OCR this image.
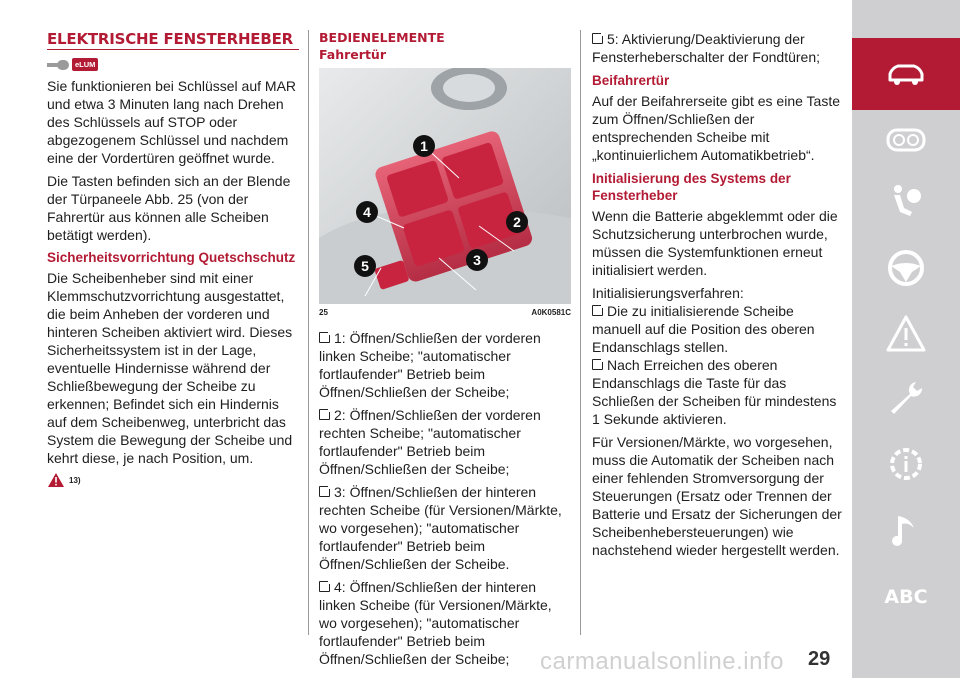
ELEKTRISCHE FENSTERHEBER
eLUM

Sie funktionieren bei Schlüssel auf MAR und etwa 3 Minuten lang nach Drehen des Schlüssels auf STOP oder abgezogenem Schlüssel und nachdem eine der Vordertüren geöffnet wurde.

Die Tasten befinden sich an der Blende der Türpaneele Abb. 25 (von der Fahrertür aus können alle Scheiben betätigt werden).

Sicherheitsvorrichtung Quetschschutz

Die Scheibenheber sind mit einer Klemmschutzvorrichtung ausgestattet, die beim Anheben der vorderen und hinteren Scheiben aktiviert wird. Dieses Sicherheitssystem ist in der Lage, eventuelle Hindernisse während der Schließbewegung der Scheibe zu erkennen; Befindet sich ein Hindernis auf dem Scheibenweg, unterbricht das System die Bewegung der Scheibe und kehrt diese, je nach Position, um.

13)
BEDIENELEMENTE
Fahrertür
1
2
3
4
5
25	A0K0581C

1: Öffnen/Schließen der vorderen linken Scheibe; "automatischer fortlaufender" Betrieb beim Öffnen/Schließen der Scheibe;

2: Öffnen/Schließen der vorderen rechten Scheibe; "automatischer fortlaufender" Betrieb beim Öffnen/Schließen der Scheibe;

3: Öffnen/Schließen der hinteren rechten Scheibe (für Versionen/Märkte, wo vorgesehen); "automatischer fortlaufender" Betrieb beim Öffnen/Schließen der Scheibe.

4: Öffnen/Schließen der hinteren linken Scheibe (für Versionen/Märkte, wo vorgesehen); "automatischer fortlaufender" Betrieb beim Öffnen/Schließen der Scheibe;

5: Aktivierung/Deaktivierung der Fensterheberschalter der Fondtüren;

Beifahrertür

Auf der Beifahrerseite gibt es eine Taste zum Öffnen/Schließen der entsprechenden Scheibe mit „kontinuierlichem Automatikbetrieb“.

Initialisierung des Systems der Fensterheber

Wenn die Batterie abgeklemmt oder die Schutzsicherung unterbrochen wurde, müssen die Systemfunktionen erneut initialisiert werden.

Initialisierungsverfahren:

Die zu initialisierende Scheibe manuell auf die Position des oberen Endanschlags stellen.

Nach Erreichen des oberen Endanschlags die Taste für das Schließen der Scheiben für mindestens 1 Sekunde aktivieren.

Für Versionen/Märkte, wo vorgesehen, muss die Automatik der Scheiben nach einer fehlenden Stromversorgung der Steuerungen (Ersatz oder Trennen der Batterie und Ersatz der Sicherungen der Scheibenhebersteuerungen) wie nachstehend wieder hergestellt werden.

ABC
carmanualsonline.info 29
